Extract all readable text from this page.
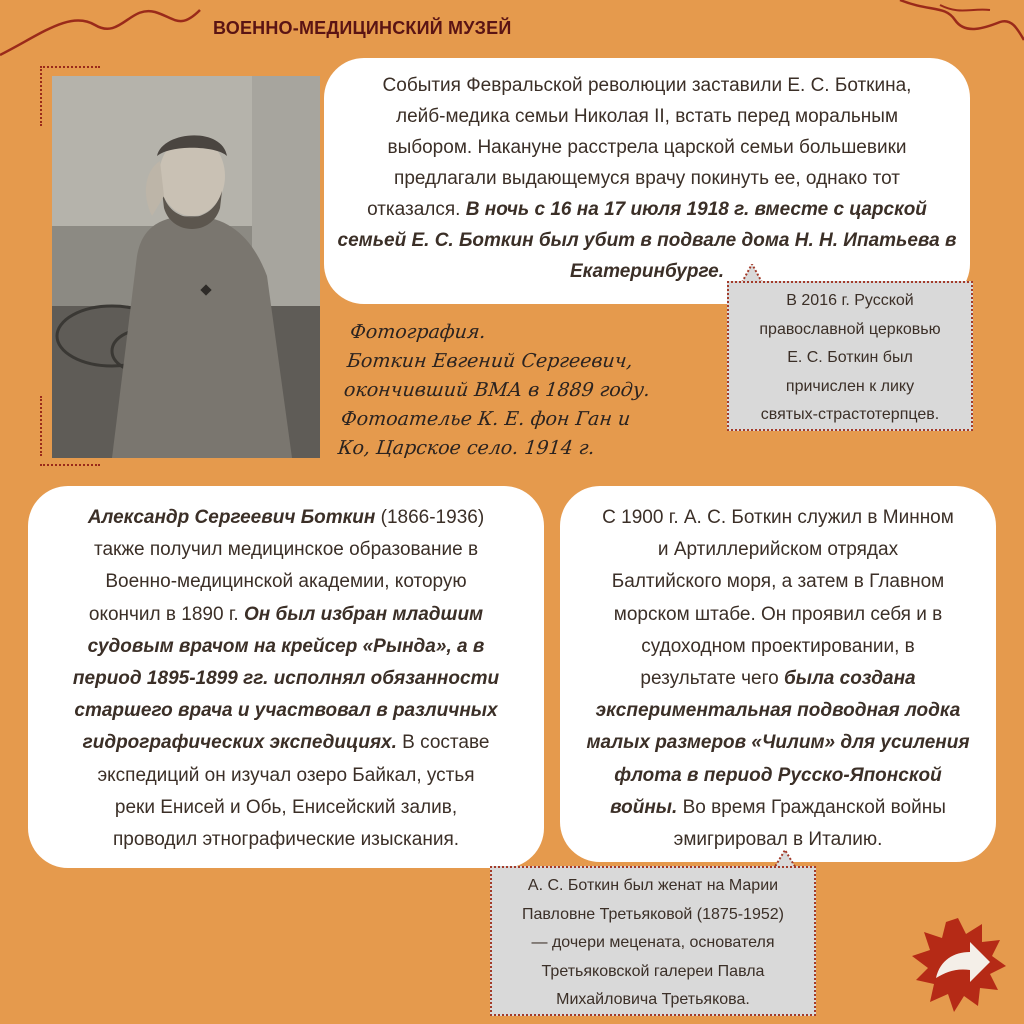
ВОЕННО-МЕДИЦИНСКИЙ МУЗЕЙ
Фотография.
Боткин Евгений Сергеевич,
окончивший ВМА в 1889 году.
Фотоателье К. Е. фон Ган и
Ко, Царское село. 1914 г.
События Февральской революции заставили Е. С. Боткина,
лейб-медика семьи Николая II, встать перед моральным
выбором. Накануне расстрела царской семьи большевики
предлагали выдающемуся врачу покинуть ее, однако тот
отказался. В ночь с 16 на 17 июля 1918 г. вместе с царской
семьей Е. С. Боткин был убит в подвале дома Н. Н. Ипатьева в
Екатеринбурге.
В 2016 г. Русской
православной церковью
Е. С. Боткин был
причислен к лику
святых-страстотерпцев.
Александр Сергеевич Боткин (1866-1936)
также получил медицинское образование в
Военно-медицинской академии, которую
окончил в 1890 г. Он был избран младшим
судовым врачом на крейсер «Рында», а в
период 1895-1899 гг. исполнял обязанности
старшего врача и участвовал в различных
гидрографических экспедициях. В составе
экспедиций он изучал озеро Байкал, устья
реки Енисей и Обь, Енисейский залив,
проводил этнографические изыскания.
С 1900 г. А. С. Боткин служил в Минном
и Артиллерийском отрядах
Балтийского моря, а затем в Главном
морском штабе. Он проявил себя и в
судоходном проектировании, в
результате чего была создана
экспериментальная подводная лодка
малых размеров «Чилим» для усиления
флота в период Русско-Японской
войны. Во время Гражданской войны
эмигрировал в Италию.
А. С. Боткин был женат на Марии
Павловне Третьяковой (1875-1952)
— дочери мецената, основателя
Третьяковской галереи Павла
Михайловича Третьякова.
